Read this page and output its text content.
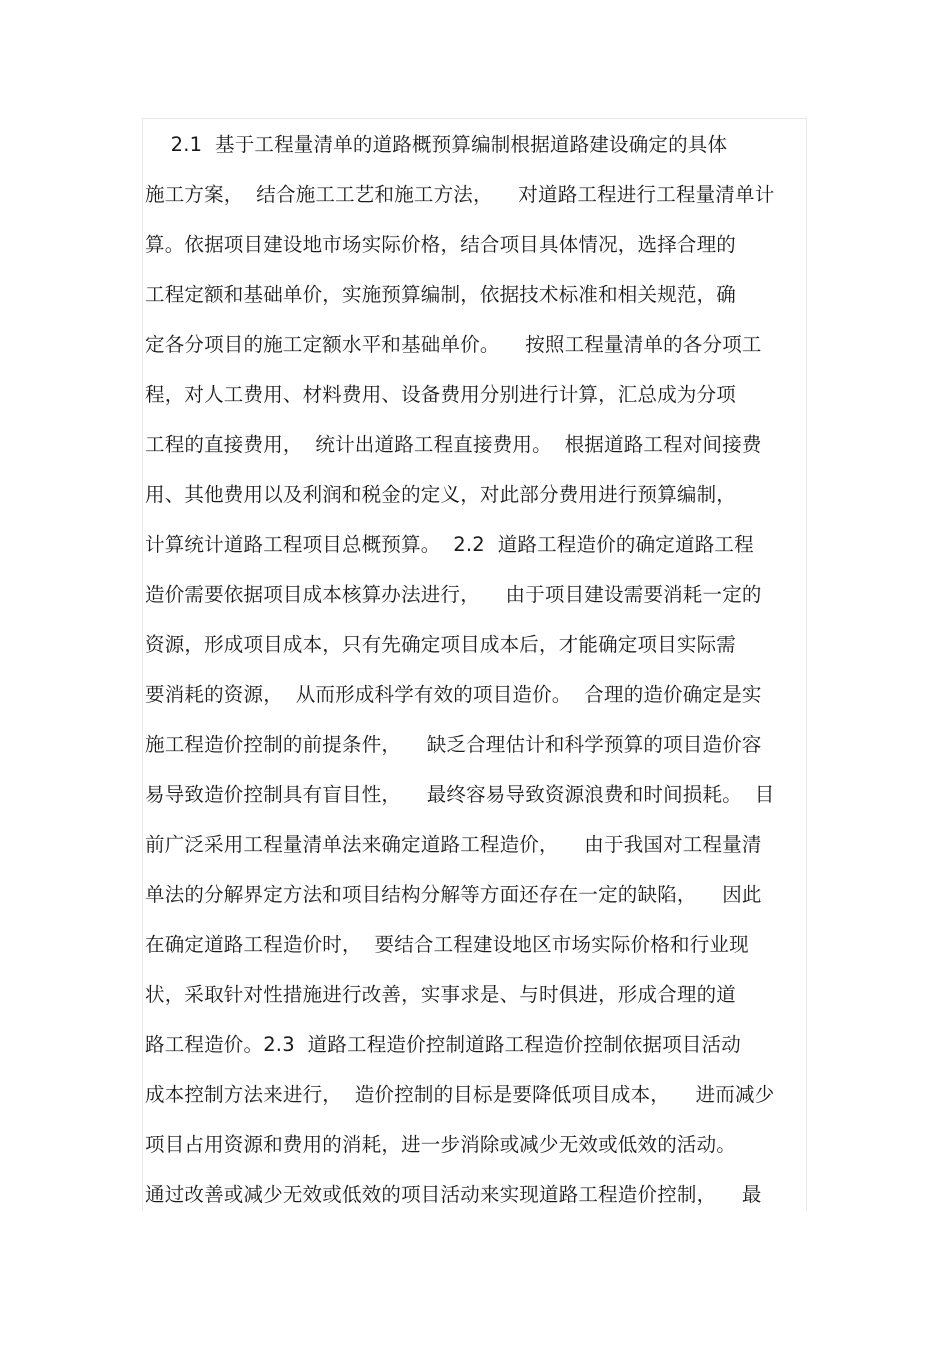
2.1  基于工程量清单的道路概预算编制根据道路建设确定的具体
施工方案，  结合施工工艺和施工方法，    对道路工程进行工程量清单计
算。依据项目建设地市场实际价格，结合项目具体情况，选择合理的
工程定额和基础单价，实施预算编制，依据技术标准和相关规范，确
定各分项目的施工定额水平和基础单价。    按照工程量清单的各分项工
程，对人工费用、材料费用、设备费用分别进行计算，汇总成为分项
工程的直接费用，  统计出道路工程直接费用。  根据道路工程对间接费
用、其他费用以及利润和税金的定义，对此部分费用进行预算编制，
计算统计道路工程项目总概预算。  2.2  道路工程造价的确定道路工程
造价需要依据项目成本核算办法进行，    由于项目建设需要消耗一定的
资源，形成项目成本，只有先确定项目成本后，才能确定项目实际需
要消耗的资源，  从而形成科学有效的项目造价。  合理的造价确定是实
施工程造价控制的前提条件，    缺乏合理估计和科学预算的项目造价容
易导致造价控制具有盲目性，    最终容易导致资源浪费和时间损耗。  目
前广泛采用工程量清单法来确定道路工程造价，    由于我国对工程量清
单法的分解界定方法和项目结构分解等方面还存在一定的缺陷，    因此
在确定道路工程造价时，  要结合工程建设地区市场实际价格和行业现
状，采取针对性措施进行改善，实事求是、与时俱进，形成合理的道
路工程造价。2.3  道路工程造价控制道路工程造价控制依据项目活动
成本控制方法来进行，  造价控制的目标是要降低项目成本，    进而减少
项目占用资源和费用的消耗，进一步消除或减少无效或低效的活动。
通过改善或减少无效或低效的项目活动来实现道路工程造价控制，    最
